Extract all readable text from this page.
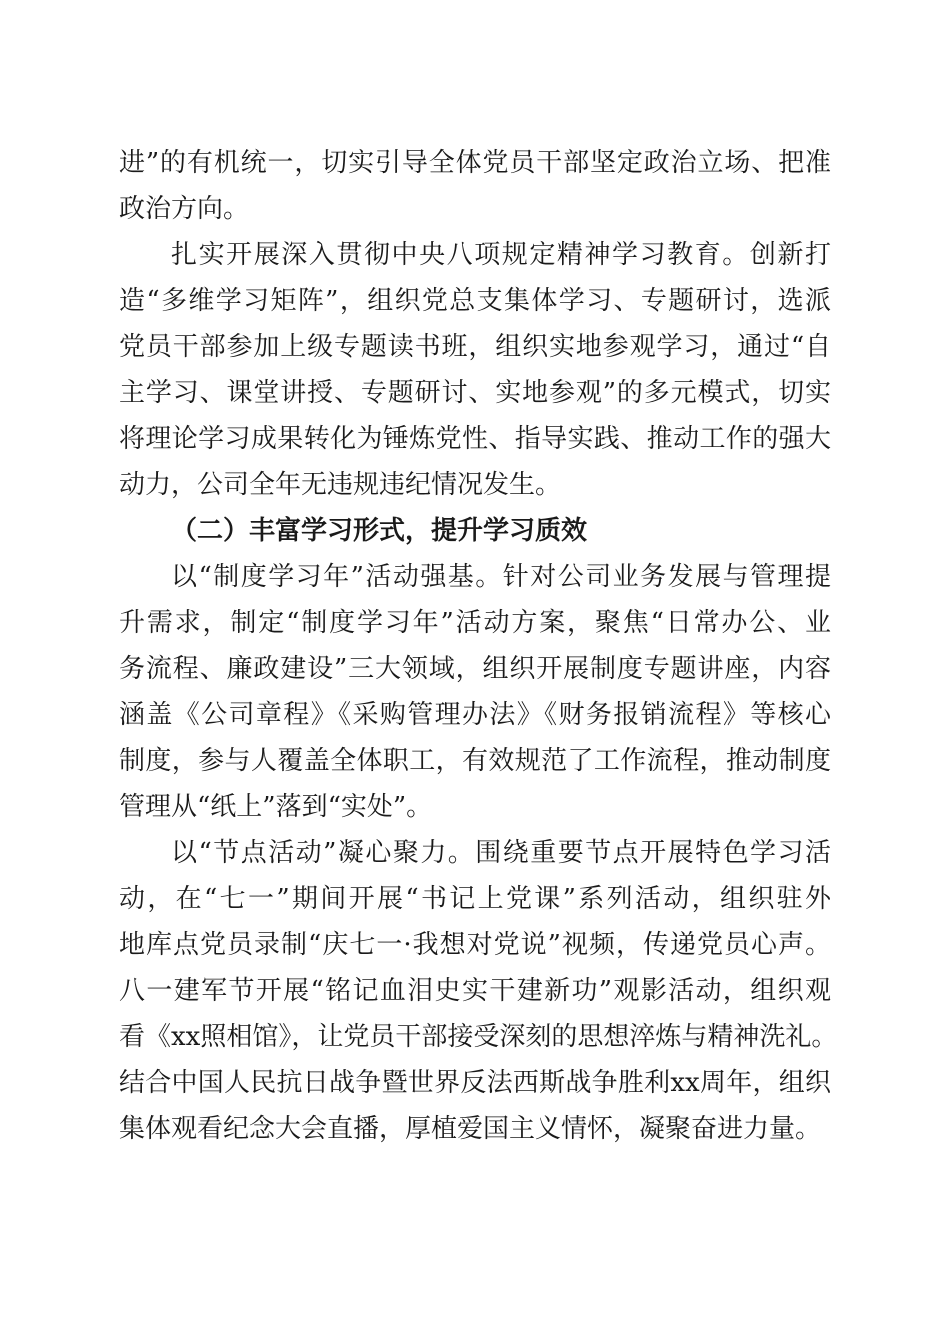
进”的有机统一，切实引导全体党员干部坚定政治立场、把准
政治方向。
扎实开展深入贯彻中央八项规定精神学习教育。创新打
造“多维学习矩阵”，组织党总支集体学习、专题研讨，选派
党员干部参加上级专题读书班，组织实地参观学习，通过“自
主学习、课堂讲授、专题研讨、实地参观”的多元模式，切实
将理论学习成果转化为锤炼党性、指导实践、推动工作的强大
动力，公司全年无违规违纪情况发生。
（二）丰富学习形式，提升学习质效
以“制度学习年”活动强基。针对公司业务发展与管理提
升需求，制定“制度学习年”活动方案，聚焦“日常办公、业
务流程、廉政建设”三大领域，组织开展制度专题讲座，内容
涵盖《公司章程》《采购管理办法》《财务报销流程》等核心
制度，参与人覆盖全体职工，有效规范了工作流程，推动制度
管理从“纸上”落到“实处”。
以“节点活动”凝心聚力。围绕重要节点开展特色学习活
动，在“七一”期间开展“书记上党课”系列活动，组织驻外
地库点党员录制“庆七一·我想对党说”视频，传递党员心声。
八一建军节开展“铭记血泪史实干建新功”观影活动，组织观
看《xx照相馆》，让党员干部接受深刻的思想淬炼与精神洗礼。
结合中国人民抗日战争暨世界反法西斯战争胜利xx周年，组织
集体观看纪念大会直播，厚植爱国主义情怀，凝聚奋进力量。
